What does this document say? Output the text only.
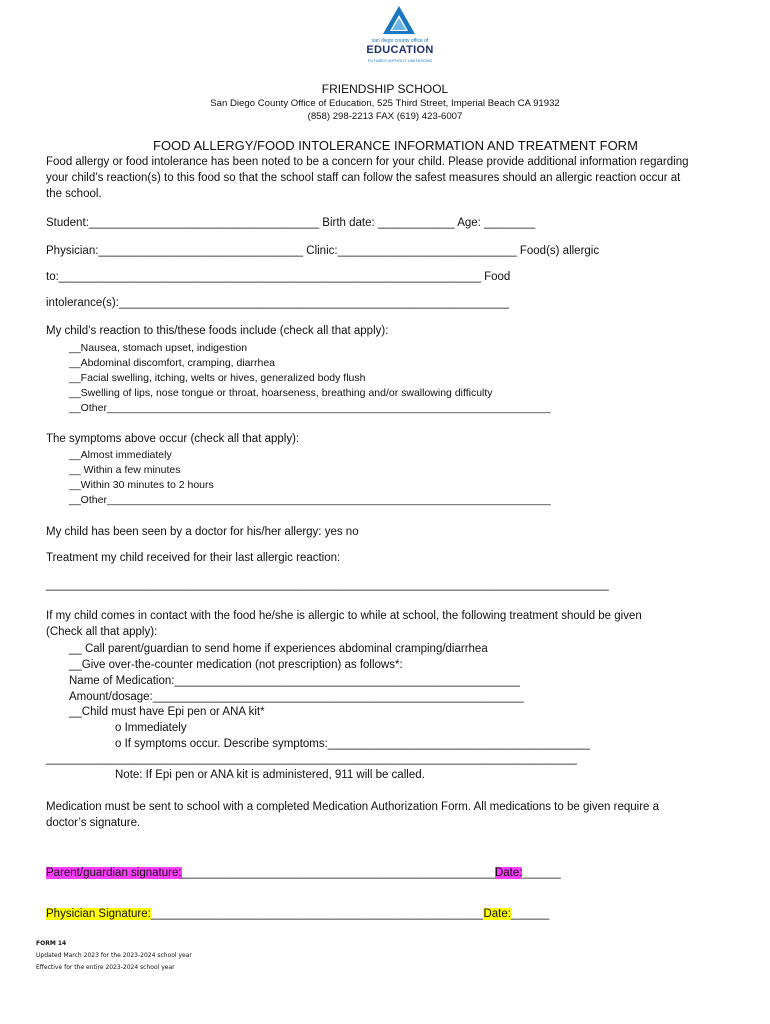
san diego county office of
EDUCATION
FUTURES WITHOUT LIMITATIONS
FRIENDSHIP SCHOOL
San Diego County Office of Education, 525 Third Street, Imperial Beach CA 91932
(858) 298-2213 FAX (619) 423-6007
FOOD ALLERGY/FOOD INTOLERANCE INFORMATION AND TREATMENT FORM
Food allergy or food intolerance has been noted to be a concern for your child. Please provide additional information regarding
your child’s reaction(s) to this food so that the school staff can follow the safest measures should an allergic reaction occur at
the school.
Student:____________________________________ Birth date: ____________ Age: ________
Physician:________________________________ Clinic:____________________________ Food(s) allergic
to:__________________________________________________________________ Food
intolerance(s):_____________________________________________________________
My child’s reaction to this/these foods include (check all that apply):
__Nausea, stomach upset, indigestion
__Abdominal discomfort, cramping, diarrhea
__Facial swelling, itching, welts or hives, generalized body flush
__Swelling of lips, nose tongue or throat, hoarseness, breathing and/or swallowing difficulty
__Other____________________________________________________________________________
The symptoms above occur (check all that apply):
__Almost immediately
__ Within a few minutes
__Within 30 minutes to 2 hours
__Other____________________________________________________________________________
My child has been seen by a doctor for his/her allergy: yes no
Treatment my child received for their last allergic reaction:
________________________________________________________________________________________
If my child comes in contact with the food he/she is allergic to while at school, the following treatment should be given
(Check all that apply):
__ Call parent/guardian to send home if experiences abdominal cramping/diarrhea
__Give over-the-counter medication (not prescription) as follows*:
Name of Medication:______________________________________________________
Amount/dosage:__________________________________________________________
__Child must have Epi pen or ANA kit*
o Immediately
o If symptoms occur. Describe symptoms:_________________________________________
___________________________________________________________________________________
Note: If Epi pen or ANA kit is administered, 911 will be called.
Medication must be sent to school with a completed Medication Authorization Form. All medications to be given require a
doctor’s signature.
Parent/guardian signature:_________________________________________________Date:______
Physician Signature:____________________________________________________Date:______
FORM 14
Updated March 2023 for the 2023-2024 school year
Effective for the entire 2023-2024 school year
